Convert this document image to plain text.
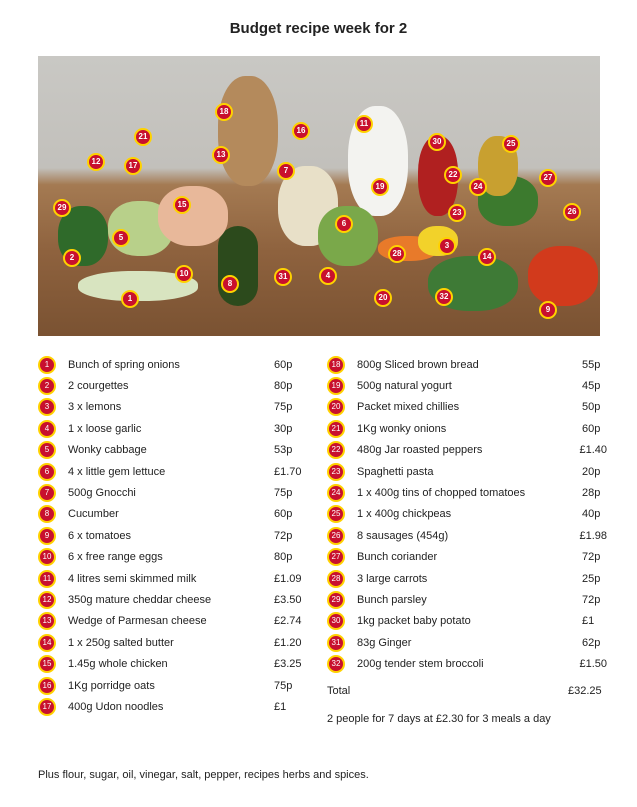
Budget recipe week for 2
1
2
3
4
5
6
7
8
9
10
11
12
13
14
15
16
17
18
19
20
21
22
23
24
25
26
27
28
29
30
31
32
1	Bunch of spring onions	60p
2	2 courgettes	80p
3	3 x lemons	75p
4	1 x loose garlic	30p
5	Wonky cabbage	53p
6	4 x little gem lettuce	£1.70
7	500g Gnocchi	75p
8	Cucumber	60p
9	6 x tomatoes	72p
10	6 x free range eggs	80p
11	4 litres semi skimmed milk	£1.09
12	350g mature cheddar cheese	£3.50
13	Wedge of Parmesan cheese	£2.74
14	1 x 250g salted butter	£1.20
15	1.45g whole chicken	£3.25
16	1Kg porridge oats	75p
17	400g Udon noodles	£1
18	800g Sliced brown bread	55p
19	500g natural yogurt	45p
20	Packet mixed chillies	50p
21	1Kg wonky onions	60p
22	480g Jar roasted peppers	£1.40
23	Spaghetti pasta	20p
24	1 x 400g tins of chopped tomatoes	28p
25	1 x 400g chickpeas	40p
26	8 sausages (454g)	£1.98
27	Bunch coriander	72p
28	3 large carrots	25p
29	Bunch parsley	72p
30	1kg packet baby potato	£1
31	83g Ginger	62p
32	200g tender stem broccoli	£1.50
Total	£32.25
2 people for 7 days at £2.30 for 3 meals a day
Plus flour, sugar, oil, vinegar, salt, pepper, recipes herbs and spices.
